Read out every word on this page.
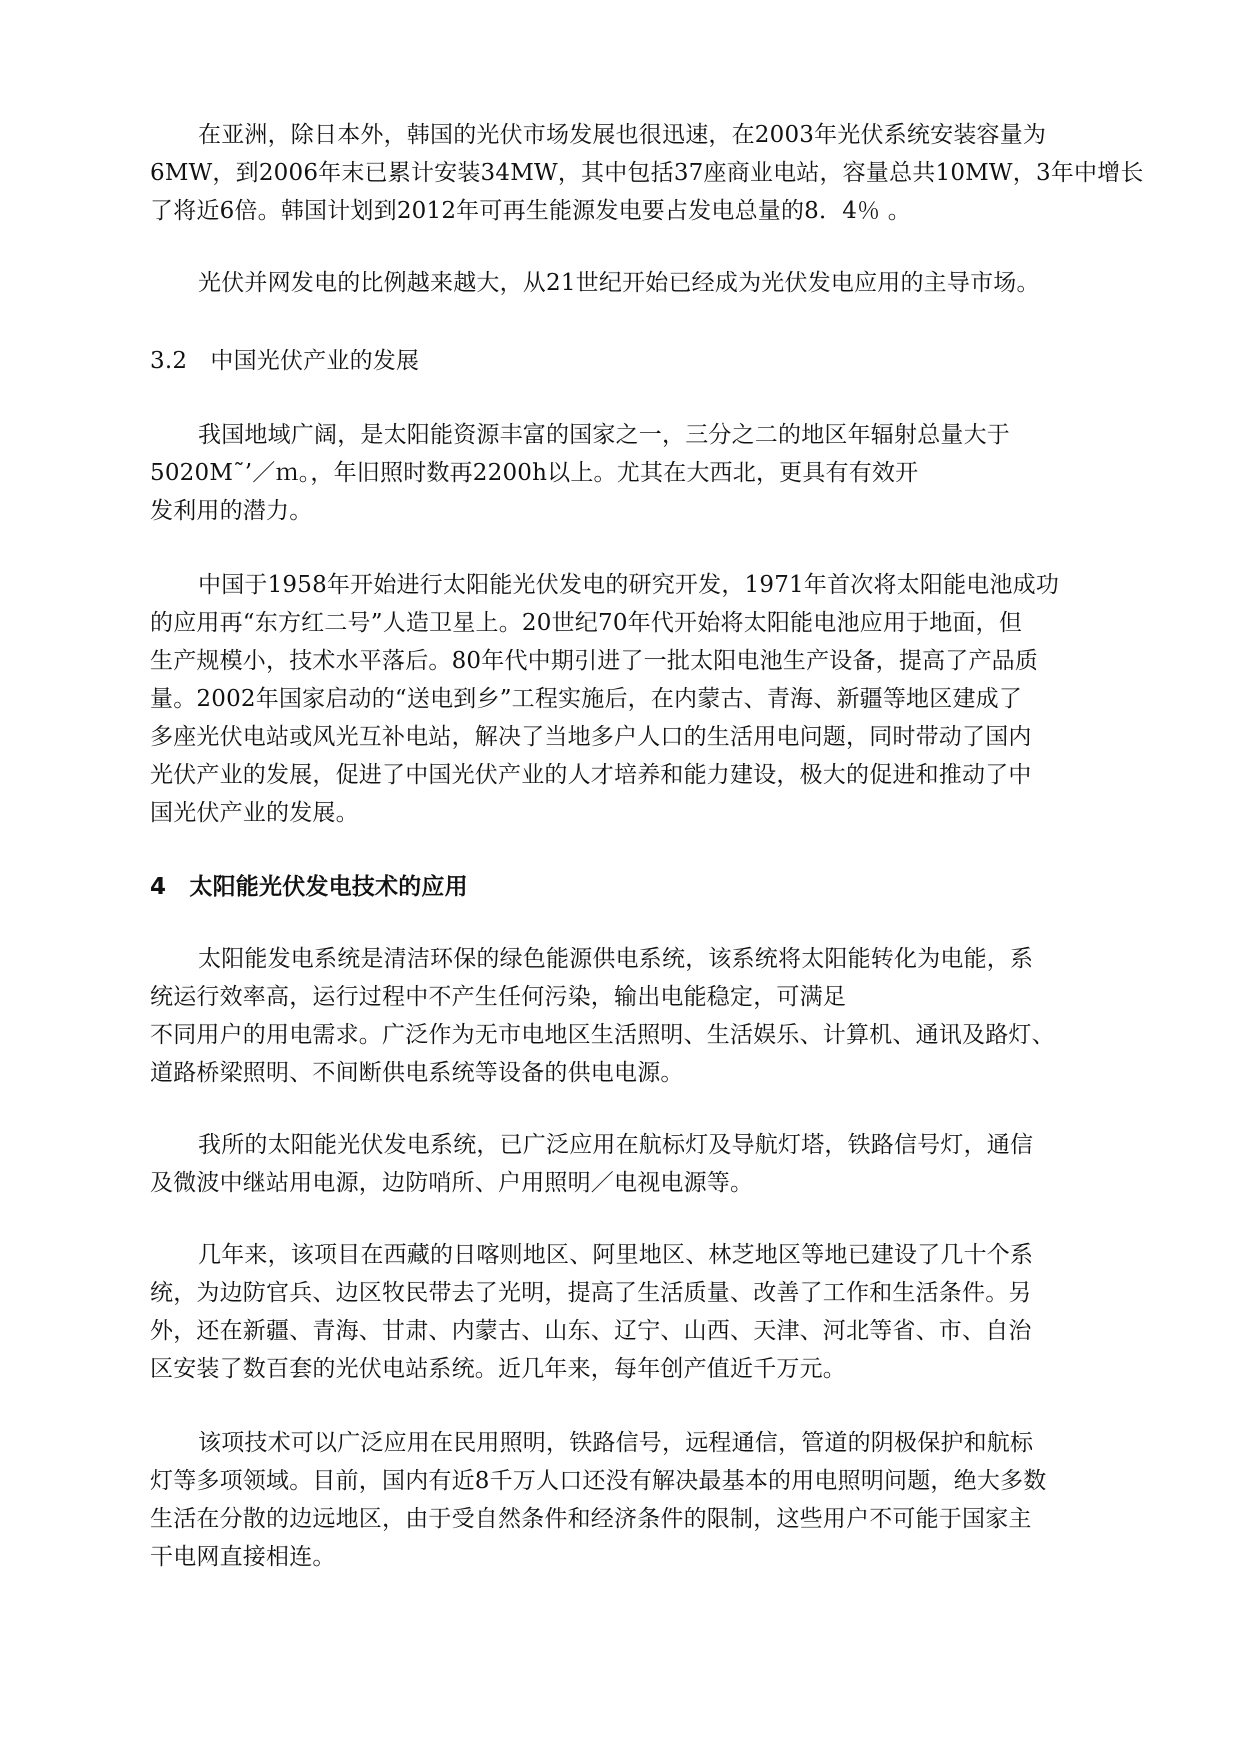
在亚洲，除日本外，韩国的光伏市场发展也很迅速，在2003年光伏系统安装容量为
6MW，到2006年末已累计安装34MW，其中包括37座商业电站，容量总共10MW，3年中增长
了将近6倍。韩国计划到2012年可再生能源发电要占发电总量的8．4％ 。
光伏并网发电的比例越来越大，从21世纪开始已经成为光伏发电应用的主导市场。
3.2　中国光伏产业的发展
我国地域广阔，是太阳能资源丰富的国家之一，三分之二的地区年辐射总量大于
5020M˜’／ｍ。，年旧照时数再2200h以上。尤其在大西北，更具有有效开
发利用的潜力。
中国于1958年开始进行太阳能光伏发电的研究开发，1971年首次将太阳能电池成功
的应用再“东方红二号”人造卫星上。20世纪70年代开始将太阳能电池应用于地面，但
生产规模小，技术水平落后。80年代中期引进了一批太阳电池生产设备，提高了产品质
量。2002年国家启动的“送电到乡”工程实施后，在内蒙古、青海、新疆等地区建成了
多座光伏电站或风光互补电站，解决了当地多户人口的生活用电问题，同时带动了国内
光伏产业的发展，促进了中国光伏产业的人才培养和能力建设，极大的促进和推动了中
国光伏产业的发展。
4　太阳能光伏发电技术的应用
太阳能发电系统是清洁环保的绿色能源供电系统，该系统将太阳能转化为电能，系
统运行效率高，运行过程中不产生任何污染，输出电能稳定，可满足
不同用户的用电需求。广泛作为无市电地区生活照明、生活娱乐、计算机、通讯及路灯、
道路桥梁照明、不间断供电系统等设备的供电电源。
我所的太阳能光伏发电系统，已广泛应用在航标灯及导航灯塔，铁路信号灯，通信
及微波中继站用电源，边防哨所、户用照明／电视电源等。
几年来，该项目在西藏的日喀则地区、阿里地区、林芝地区等地已建设了几十个系
统，为边防官兵、边区牧民带去了光明，提高了生活质量、改善了工作和生活条件。另
外，还在新疆、青海、甘肃、内蒙古、山东、辽宁、山西、天津、河北等省、市、自治
区安装了数百套的光伏电站系统。近几年来，每年创产值近千万元。
该项技术可以广泛应用在民用照明，铁路信号，远程通信，管道的阴极保护和航标
灯等多项领域。目前，国内有近8千万人口还没有解决最基本的用电照明问题，绝大多数
生活在分散的边远地区，由于受自然条件和经济条件的限制，这些用户不可能于国家主
干电网直接相连。
